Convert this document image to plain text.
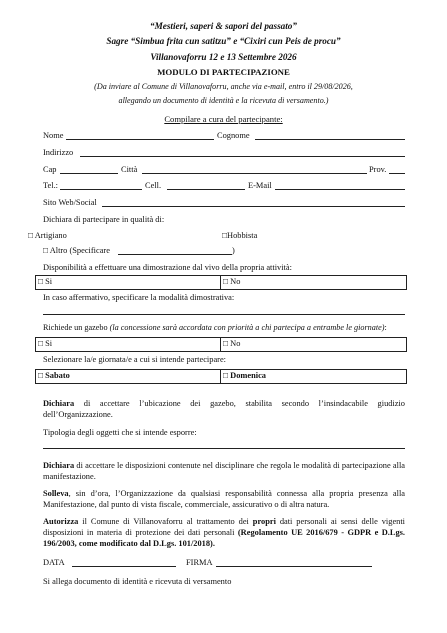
“Mestieri, saperi & sapori del passato”
Sagre “Simbua frita cun satitzu” e “Cixiri cun Peis de procu”
Villanovaforru 12 e 13 Settembre 2026
MODULO DI PARTECIPAZIONE
(Da inviare al Comune di Villanovaforru, anche via e-mail, entro il 29/08/2026,
allegando un documento di identità e la ricevuta di versamento.)
Compilare a cura del partecipante:
Nome	Cognome
Indirizzo
Cap	Città	Prov.
Tel.:	Cell.	E-Mail
Sito Web/Social
Dichiara di partecipare in qualità di:
□ Artigiano	□Hobbista
□ Altro (Specificare	)
Disponibilità a effettuare una dimostrazione dal vivo della propria attività:
□ Si	□ No
In caso affermativo, specificare la modalità dimostrativa:
Richiede un gazebo (la concessione sarà accordata con priorità a chi partecipa a entrambe le giornate):
□ Si	□ No
Selezionare la/e giornata/e a cui si intende partecipare:
□ Sabato	□ Domenica
Dichiara di accettare l’ubicazione dei gazebo, stabilita secondo l’insindacabile giudizio dell’Organizzazione.
Tipologia degli oggetti che si intende esporre:
Dichiara di accettare le disposizioni contenute nel disciplinare che regola le modalità di partecipazione alla manifestazione.
Solleva, sin d’ora, l’Organizzazione da qualsiasi responsabilità connessa alla propria presenza alla Manifestazione, dal punto di vista fiscale, commerciale, assicurativo o di altra natura.
Autorizza il Comune di Villanovaforru al trattamento dei propri dati personali ai sensi delle vigenti disposizioni in materia di protezione dei dati personali (Regolamento UE 2016/679 - GDPR e D.Lgs. 196/2003, come modificato dal D.Lgs. 101/2018).
DATA	FIRMA
Si allega documento di identità e ricevuta di versamento
